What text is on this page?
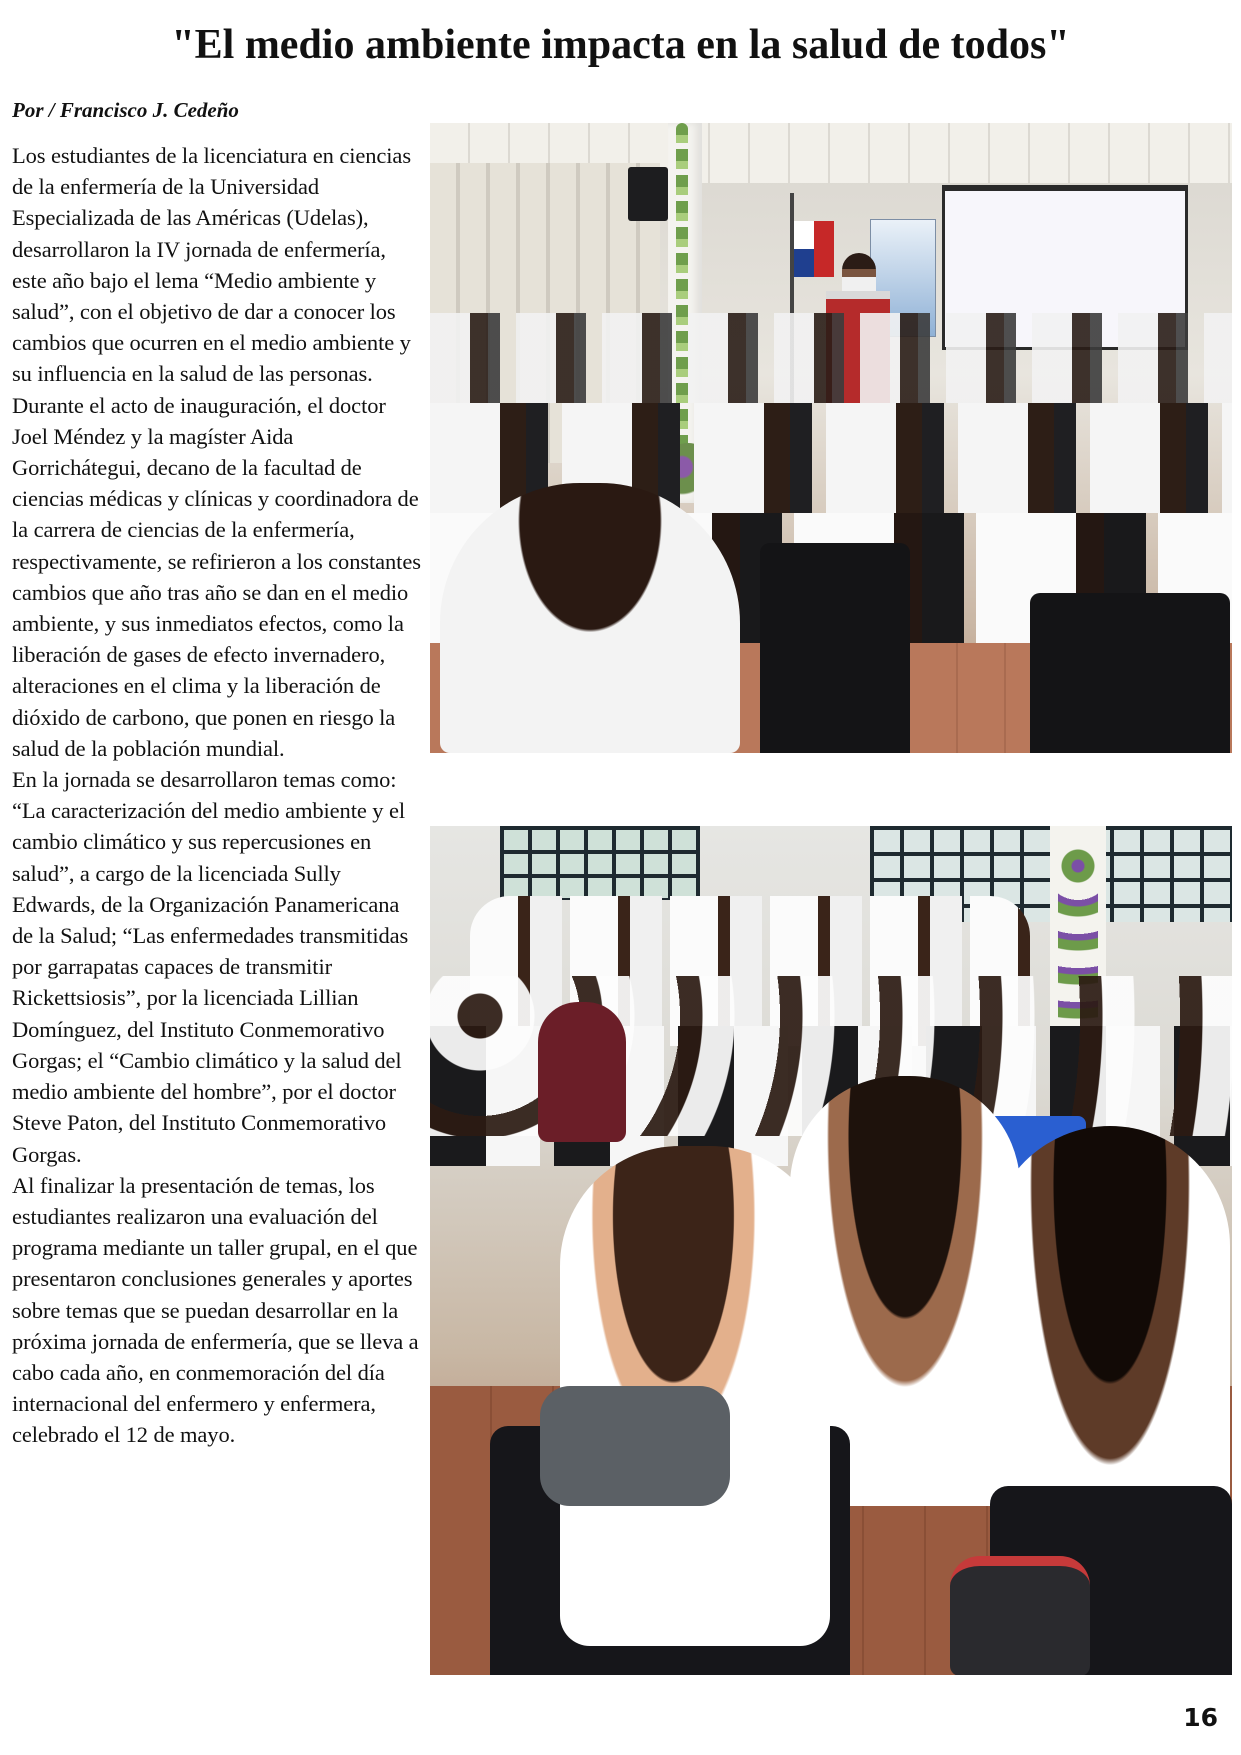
"El medio ambiente impacta en la salud de todos"

Por / Francisco J. Cedeño

Los estudiantes de la licenciatura en ciencias de la enfermería de la Universidad Especializada de las Américas (Udelas), desarrollaron la IV jornada de enfermería, este año bajo el lema “Medio ambiente y salud”, con el objetivo de dar a conocer los cambios que ocurren en el medio ambiente y su influencia en la salud de las personas.

Durante el acto de inauguración, el doctor Joel Méndez y la magíster Aida Gorrichátegui, decano de la facultad de ciencias médicas y clínicas y coordinadora de la carrera de ciencias de la enfermería, respectivamente, se refirieron a los constantes cambios que año tras año se dan en el medio ambiente, y sus inmediatos efectos, como la liberación de gases de efecto invernadero, alteraciones en el clima y la liberación de dióxido de carbono, que ponen en riesgo la salud de la población mundial.

En la jornada se desarrollaron temas como: “La caracterización del medio ambiente y el cambio climático y sus repercusiones en salud”, a cargo de la licenciada Sully Edwards, de la Organización Panamericana de la Salud; “Las enfermedades transmitidas por garrapatas capaces de transmitir Rickettsiosis”, por la licenciada Lillian Domínguez, del Instituto Conmemorativo Gorgas; el “Cambio climático y la salud del medio ambiente del hombre”, por el doctor Steve Paton, del Instituto Conmemorativo Gorgas.

Al finalizar la presentación de temas, los estudiantes realizaron una evaluación del programa mediante un taller grupal, en el que presentaron conclusiones generales y aportes sobre temas que se puedan desarrollar en la próxima jornada de enfermería, que se lleva a cabo cada año, en conmemoración del día internacional del enfermero y enfermera, celebrado el 12 de mayo.

16
